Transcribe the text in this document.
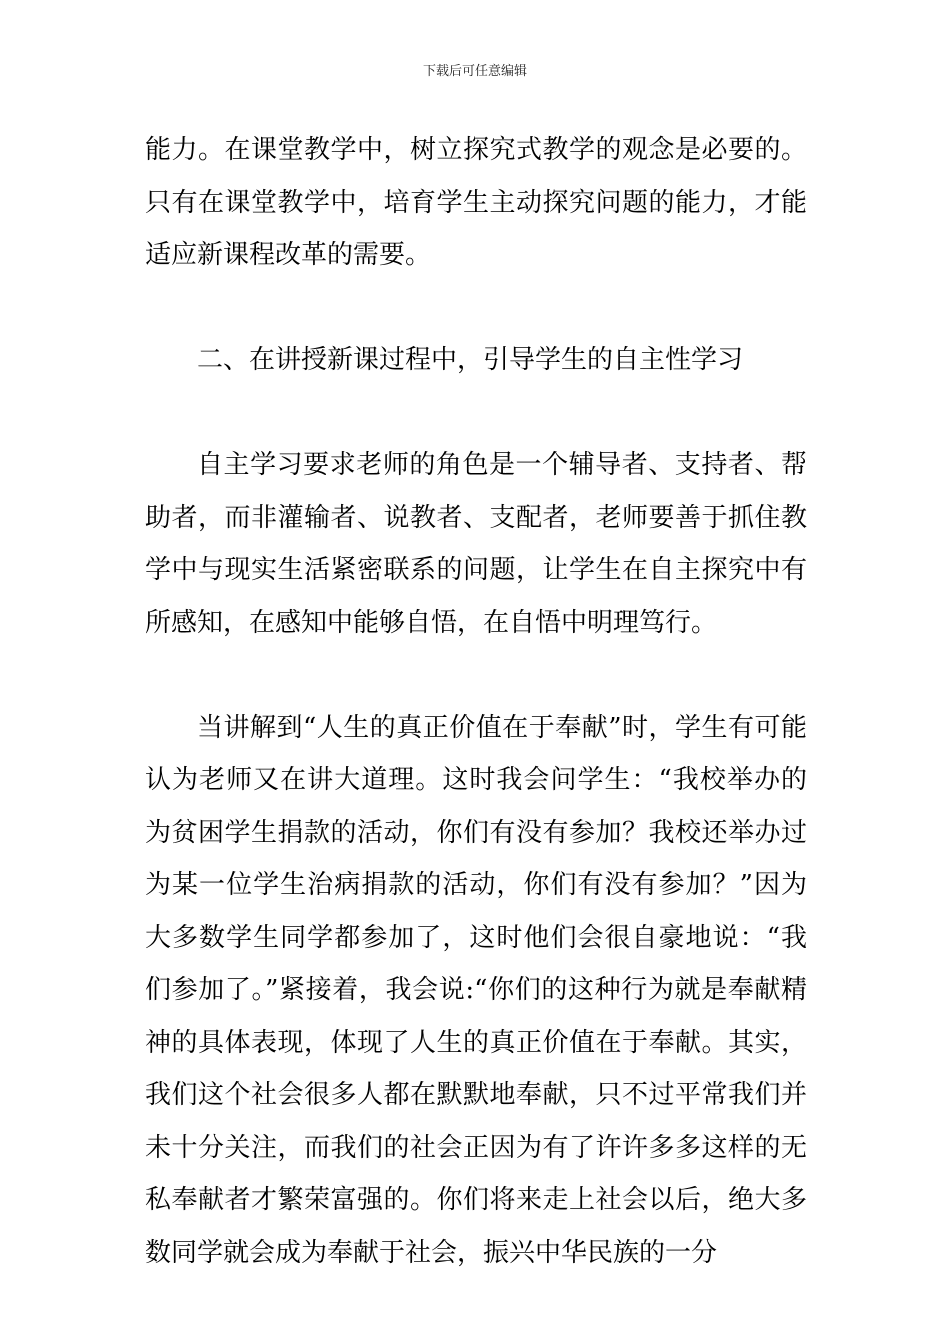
下载后可任意编辑

能力。在课堂教学中，树立探究式教学的观念是必要的。只有在课堂教学中，培育学生主动探究问题的能力，才能适应新课程改革的需要。

二、在讲授新课过程中，引导学生的自主性学习

自主学习要求老师的角色是一个辅导者、支持者、帮助者，而非灌输者、说教者、支配者，老师要善于抓住教学中与现实生活紧密联系的问题，让学生在自主探究中有所感知，在感知中能够自悟，在自悟中明理笃行。

当讲解到“人生的真正价值在于奉献”时，学生有可能认为老师又在讲大道理。这时我会问学生：“我校举办的为贫困学生捐款的活动，你们有没有参加？我校还举办过为某一位学生治病捐款的活动，你们有没有参加？”因为大多数学生同学都参加了，这时他们会很自豪地说：“我们参加了。”紧接着，我会说:“你们的这种行为就是奉献精神的具体表现，体现了人生的真正价值在于奉献。其实，我们这个社会很多人都在默默地奉献，只不过平常我们并未十分关注，而我们的社会正因为有了许许多多这样的无私奉献者才繁荣富强的。你们将来走上社会以后，绝大多数同学就会成为奉献于社会，振兴中华民族的一分
